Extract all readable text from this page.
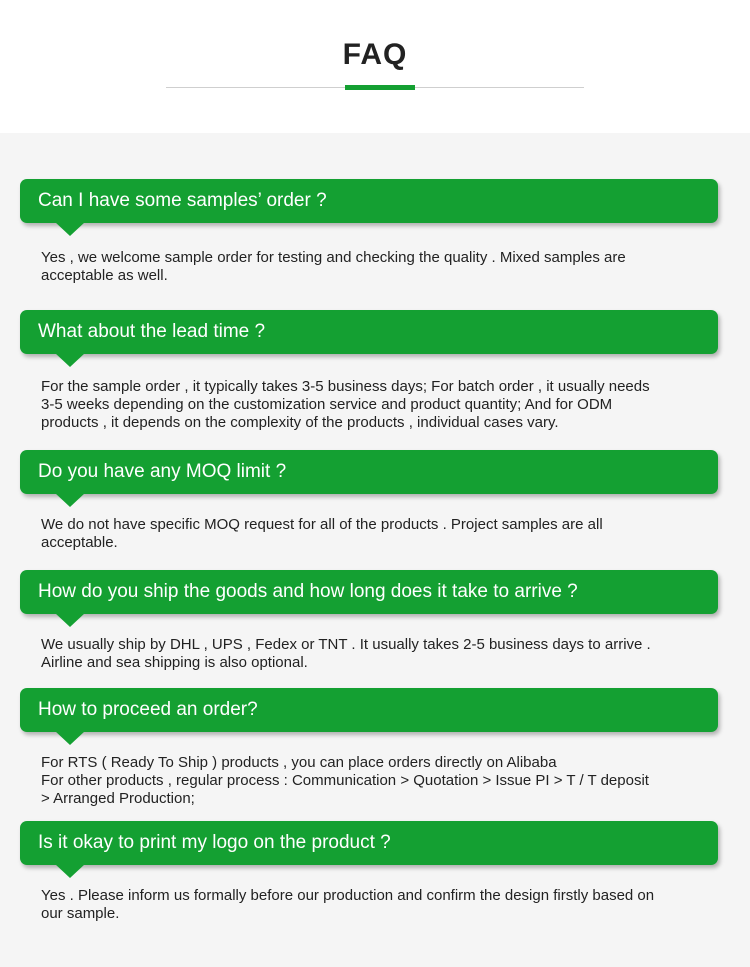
FAQ
Can I have some samples’ order ?
Yes , we welcome sample order for testing and checking the quality . Mixed samples are
acceptable as well.
What about the lead time ?
For the sample order , it typically takes 3-5 business days; For batch order , it usually needs
3-5 weeks depending on the customization service and product quantity; And for ODM
products , it depends on the complexity of the products , individual cases vary.
Do you have any MOQ limit ?
We do not have specific MOQ request for all of the products . Project samples are all
acceptable.
How do you ship the goods and how long does it take to arrive ?
We usually ship by DHL , UPS , Fedex or TNT . It usually takes 2-5 business days to arrive .
Airline and sea shipping is also optional.
How to proceed an order?
For RTS ( Ready To Ship ) products , you can place orders directly on Alibaba
For other products , regular process : Communication > Quotation > Issue PI > T / T deposit
> Arranged Production;
Is it okay to print my logo on the product ?
Yes . Please inform us formally before our production and confirm the design firstly based on
our sample.
